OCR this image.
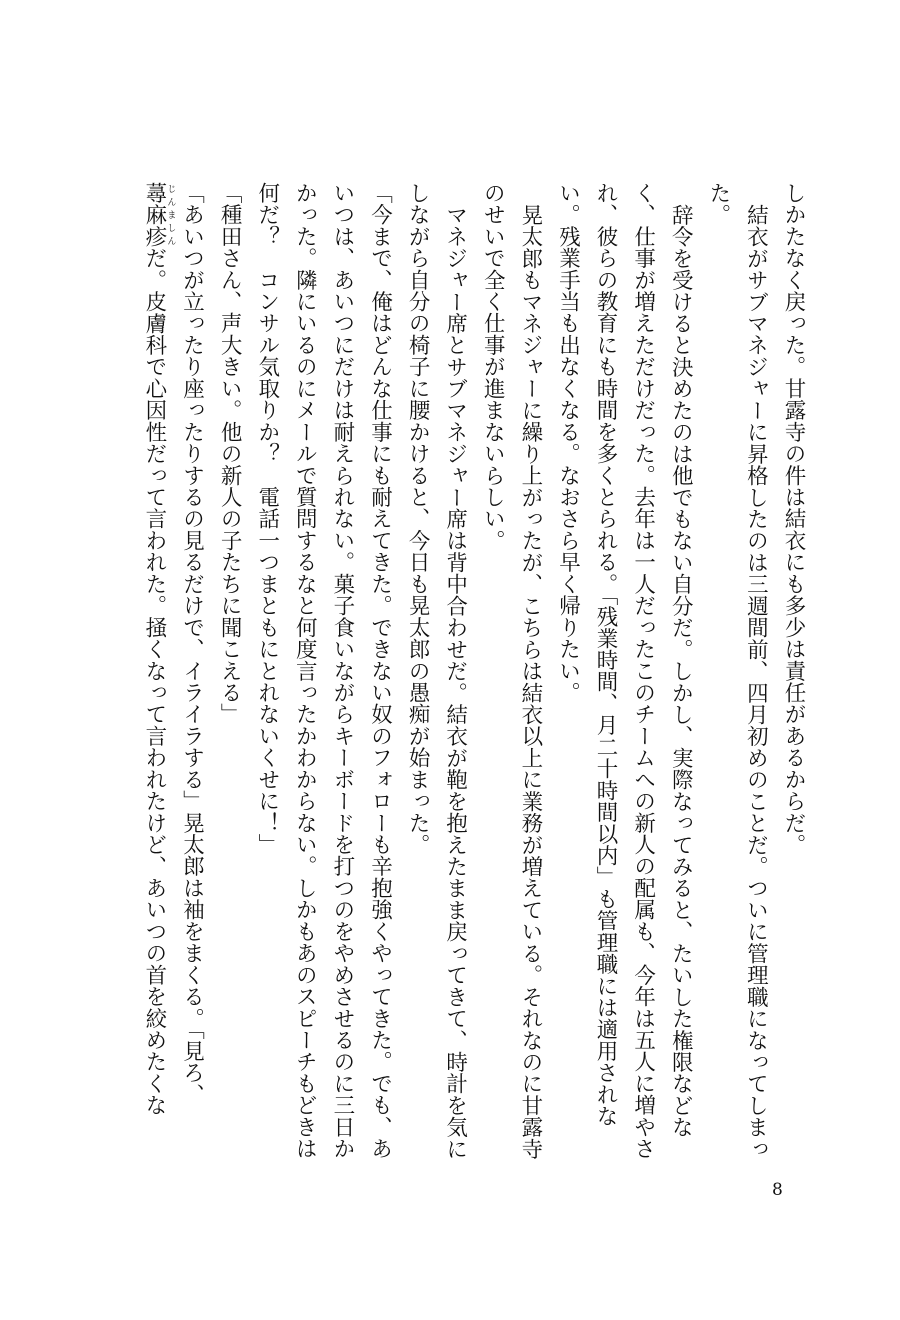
しかたなく戻った。甘露寺の件は結衣にも多少は責任があるからだ。

結衣がサブマネジャーに昇格したのは三週間前、四月初めのことだ。ついに管理職になってしまった。

辞令を受けると決めたのは他でもない自分だ。しかし、実際なってみると、たいした権限などなく、仕事が増えただけだった。去年は一人だったこのチームへの新人の配属も、今年は五人に増やされ、彼らの教育にも時間を多くとられる。「残業時間、月二十時間以内」も管理職には適用されない。残業手当も出なくなる。なおさら早く帰りたい。

晃太郎もマネジャーに繰り上がったが、こちらは結衣以上に業務が増えている。それなのに甘露寺のせいで全く仕事が進まないらしい。

マネジャー席とサブマネジャー席は背中合わせだ。結衣が鞄を抱えたまま戻ってきて、時計を気にしながら自分の椅子に腰かけると、今日も晃太郎の愚痴が始まった。

「今まで、俺はどんな仕事にも耐えてきた。できない奴のフォローも辛抱強くやってきた。でも、あいつは、あいつにだけは耐えられない。菓子食いながらキーボードを打つのをやめさせるのに三日かかった。隣にいるのにメールで質問するなと何度言ったかわからない。しかもあのスピーチもどきは何だ？　コンサル気取りか？　電話一つまともにとれないくせに！」

「種田さん、声大きい。他の新人の子たちに聞こえる」

「あいつが立ったり座ったりするの見るだけで、イライラする」晃太郎は袖をまくる。「見ろ、蕁麻疹じんましんだ。皮膚科で心因性だって言われた。掻くなって言われたけど、あいつの首を絞めたくな

8
